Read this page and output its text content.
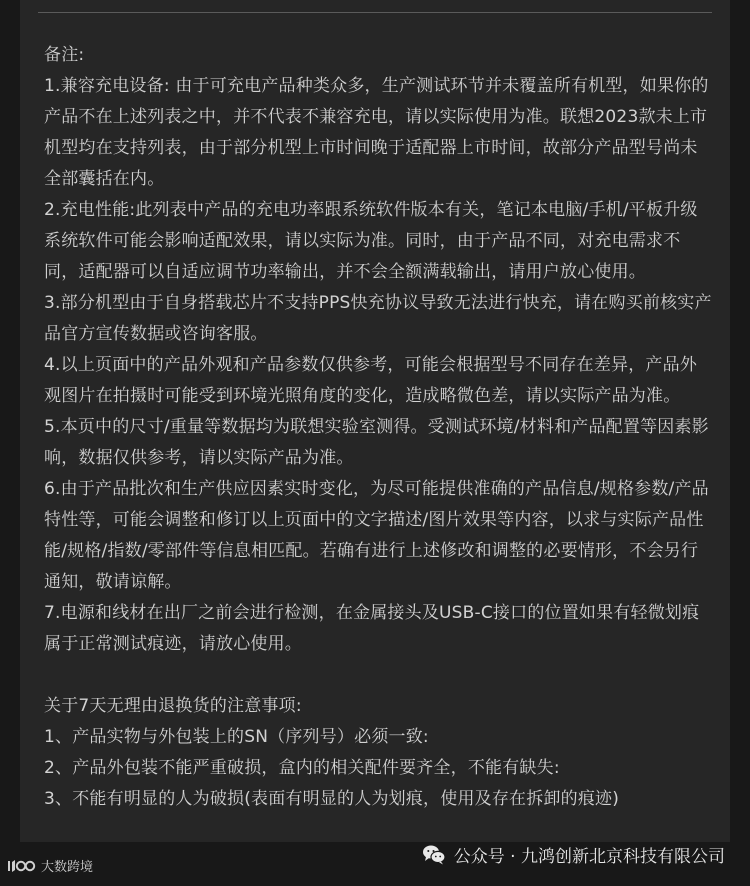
备注:

1.兼容充电设备: 由于可充电产品种类众多，生产测试环节并未覆盖所有机型，如果你的产品不在上述列表之中，并不代表不兼容充电，请以实际使用为准。联想2023款未上市机型均在支持列表，由于部分机型上市时间晚于适配器上市时间，故部分产品型号尚未全部囊括在内。

2.充电性能:此列表中产品的充电功率跟系统软件版本有关，笔记本电脑/手机/平板升级系统软件可能会影响适配效果，请以实际为准。同时，由于产品不同，对充电需求不同，适配器可以自适应调节功率输出，并不会全额满载输出，请用户放心使用。

3.部分机型由于自身搭载芯片不支持PPS快充协议导致无法进行快充，请在购买前核实产品官方宣传数据或咨询客服。

4.以上页面中的产品外观和产品参数仅供参考，可能会根据型号不同存在差异，产品外观图片在拍摄时可能受到环境光照角度的变化，造成略微色差，请以实际产品为准。

5.本页中的尺寸/重量等数据均为联想实验室测得。受测试环境/材料和产品配置等因素影响，数据仅供参考，请以实际产品为准。

6.由于产品批次和生产供应因素实时变化，为尽可能提供准确的产品信息/规格参数/产品特性等，可能会调整和修订以上页面中的文字描述/图片效果等内容，以求与实际产品性能/规格/指数/零部件等信息相匹配。若确有进行上述修改和调整的必要情形，不会另行通知，敬请谅解。

7.电源和线材在出厂之前会进行检测，在金属接头及USB-C接口的位置如果有轻微划痕属于正常测试痕迹，请放心使用。

关于7天无理由退换货的注意事项:

1、产品实物与外包装上的SN（序列号）必须一致:

2、产品外包装不能严重破损，盒内的相关配件要齐全，不能有缺失:

3、不能有明显的人为破损(表面有明显的人为划痕，使用及存在拆卸的痕迹)

大数跨境
公众号 · 九鸿创新北京科技有限公司
